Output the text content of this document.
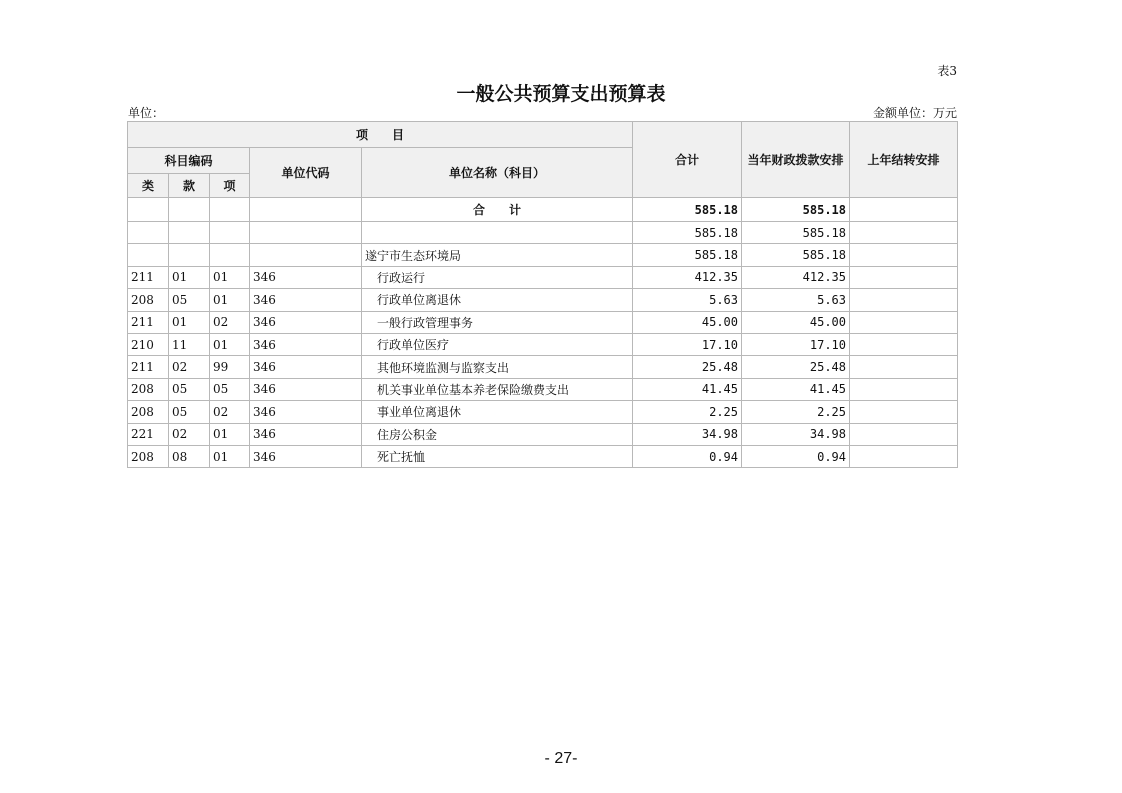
表3
一般公共预算支出预算表
单位：	金额单位：万元
项　　目					合计	当年财政拨款安排	上年结转安排
科目编码			单位代码	单位名称（科目）			
类	款	项					
				合　　计	585.18	585.18	
					585.18	585.18	
				遂宁市生态环境局	585.18	585.18	
211	01	01	346	行政运行	412.35	412.35	
208	05	01	346	行政单位离退休	5.63	5.63	
211	01	02	346	一般行政管理事务	45.00	45.00	
210	11	01	346	行政单位医疗	17.10	17.10	
211	02	99	346	其他环境监测与监察支出	25.48	25.48	
208	05	05	346	机关事业单位基本养老保险缴费支出	41.45	41.45	
208	05	02	346	事业单位离退休	2.25	2.25	
221	02	01	346	住房公积金	34.98	34.98	
208	08	01	346	死亡抚恤	0.94	0.94	
- 27-
